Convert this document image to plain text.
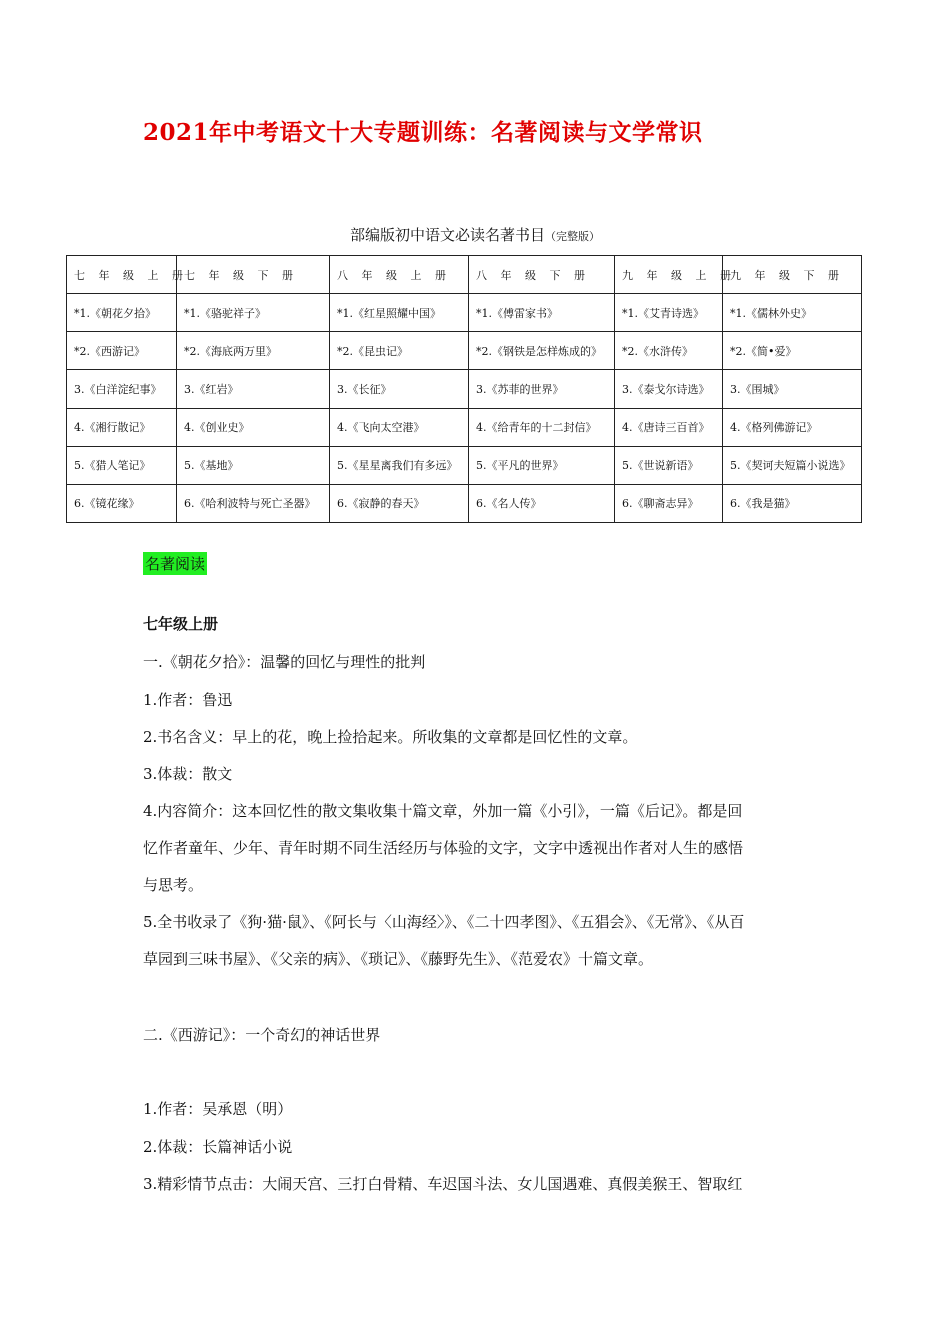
2021年中考语文十大专题训练：名著阅读与文学常识
部编版初中语文必读名著书目（完整版）
七 年 级 上 册	七 年 级 下 册	八 年 级 上 册	八 年 级 下 册	九 年 级 上 册	九 年 级 下 册
*1.《朝花夕拾》	*1.《骆驼祥子》	*1.《红星照耀中国》	*1.《傅雷家书》	*1.《艾青诗选》	*1.《儒林外史》
*2.《西游记》	*2.《海底两万里》	*2.《昆虫记》	*2.《钢铁是怎样炼成的》	*2.《水浒传》	*2.《简•爱》
3.《白洋淀纪事》	3.《红岩》	3.《长征》	3.《苏菲的世界》	3.《泰戈尔诗选》	3.《围城》
4.《湘行散记》	4.《创业史》	4.《飞向太空港》	4.《给青年的十二封信》	4.《唐诗三百首》	4.《格列佛游记》
5.《猎人笔记》	5.《基地》	5.《星星离我们有多远》	5.《平凡的世界》	5.《世说新语》	5.《契诃夫短篇小说选》
6.《镜花缘》	6.《哈利波特与死亡圣器》	6.《寂静的春天》	6.《名人传》	6.《聊斋志异》	6.《我是猫》
名著阅读
七年级上册
一.《朝花夕拾》：温馨的回忆与理性的批判
1.作者：鲁迅
2.书名含义：早上的花，晚上捡拾起来。所收集的文章都是回忆性的文章。
3.体裁：散文
4.内容简介：这本回忆性的散文集收集十篇文章，外加一篇《小引》，一篇《后记》。都是回
忆作者童年、少年、青年时期不同生活经历与体验的文字，文字中透视出作者对人生的感悟
与思考。
5.全书收录了《狗·猫·鼠》、《阿长与〈山海经〉》、《二十四孝图》、《五猖会》、《无常》、《从百
草园到三味书屋》、《父亲的病》、《琐记》、《藤野先生》、《范爱农》十篇文章。
二.《西游记》：一个奇幻的神话世界
1.作者：吴承恩（明）
2.体裁：长篇神话小说
3.精彩情节点击：大闹天宫、三打白骨精、车迟国斗法、女儿国遇难、真假美猴王、智取红
